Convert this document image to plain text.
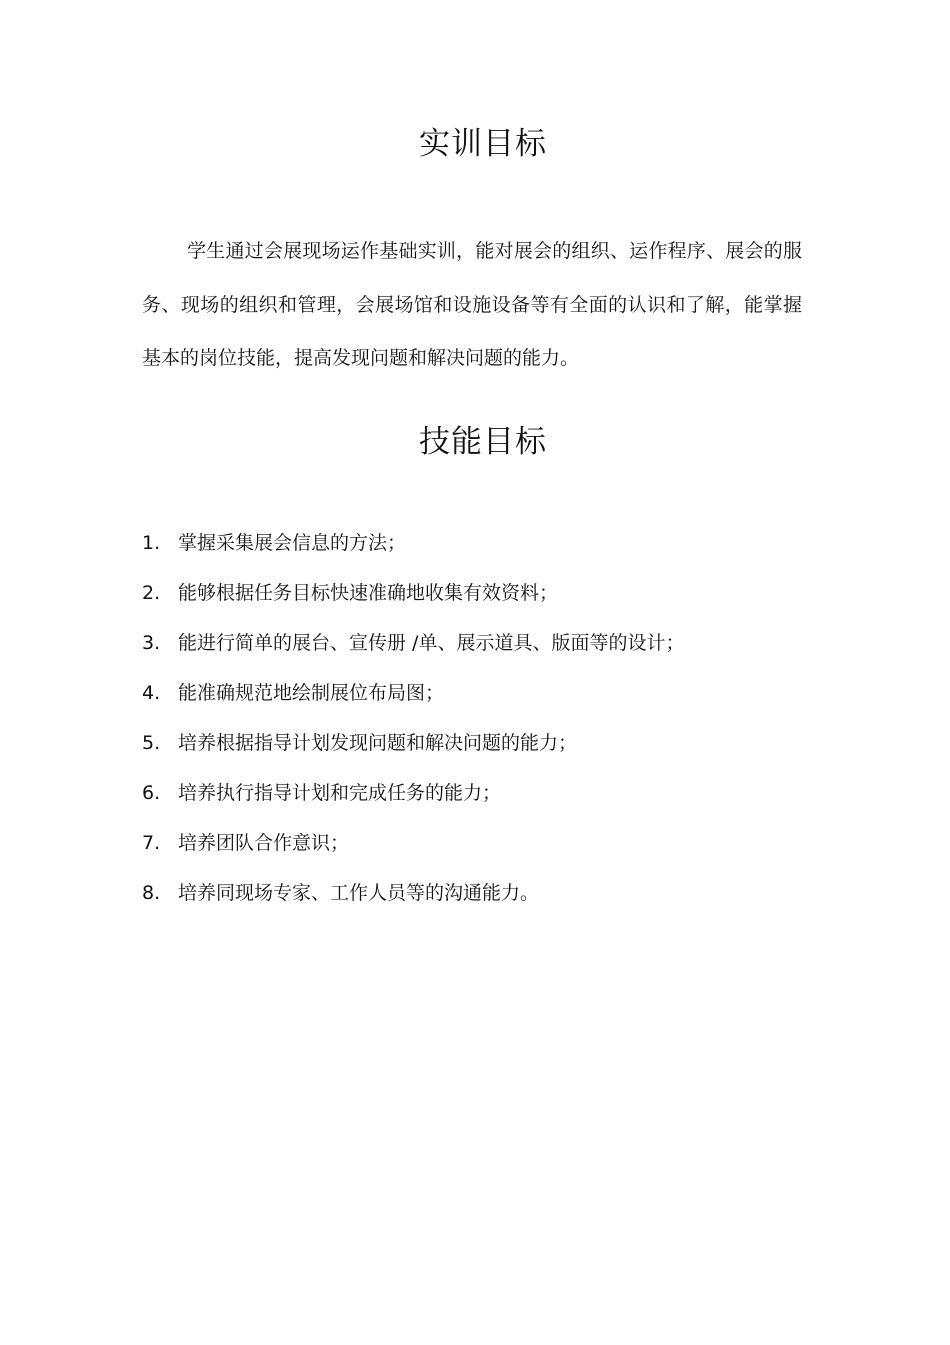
实训目标

学生通过会展现场运作基础实训，能对展会的组织、运作程序、展会的服务、现场的组织和管理，会展场馆和设施设备等有全面的认识和了解，能掌握基本的岗位技能，提高发现问题和解决问题的能力。

技能目标
1. 掌握采集展会信息的方法；
2. 能够根据任务目标快速准确地收集有效资料；
3. 能进行简单的展台、宣传册 /单、展示道具、版面等的设计；
4. 能准确规范地绘制展位布局图；
5. 培养根据指导计划发现问题和解决问题的能力；
6. 培养执行指导计划和完成任务的能力；
7. 培养团队合作意识；
8. 培养同现场专家、工作人员等的沟通能力。
